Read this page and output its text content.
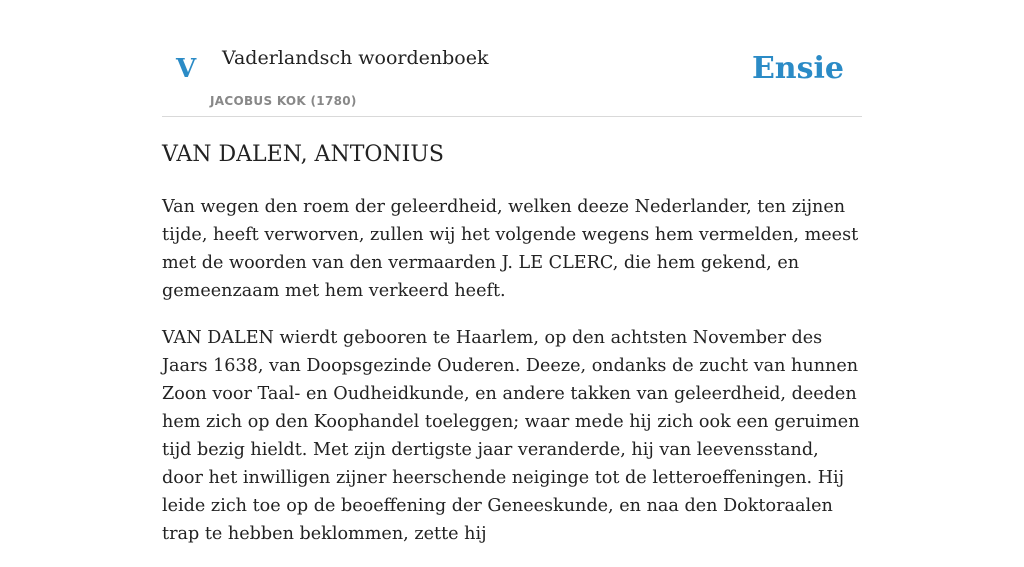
V Vaderlandsch woordenboek
JACOBUS KOK (1780)
Ensie
VAN DALEN, ANTONIUS

Van wegen den roem der geleerdheid, welken deeze Nederlander, ten zijnen tijde, heeft verworven, zullen wij het volgende wegens hem vermelden, meest met de woorden van den vermaarden J. LE CLERC, die hem gekend, en gemeenzaam met hem verkeerd heeft.

VAN DALEN wierdt gebooren te Haarlem, op den achtsten November des Jaars 1638, van Doopsgezinde Ouderen. Deeze, ondanks de zucht van hunnen Zoon voor Taal- en Oudheidkunde, en andere takken van geleerdheid, deeden hem zich op den Koophandel toeleggen; waar mede hij zich ook een geruimen tijd bezig hieldt. Met zijn dertigste jaar veranderde, hij van leevensstand, door het inwilligen zijner heerschende neiginge tot de letteroeffeningen. Hij leide zich toe op de beoeffening der Geneeskunde, en naa den Doktoraalen trap te hebben beklommen, zette hij
